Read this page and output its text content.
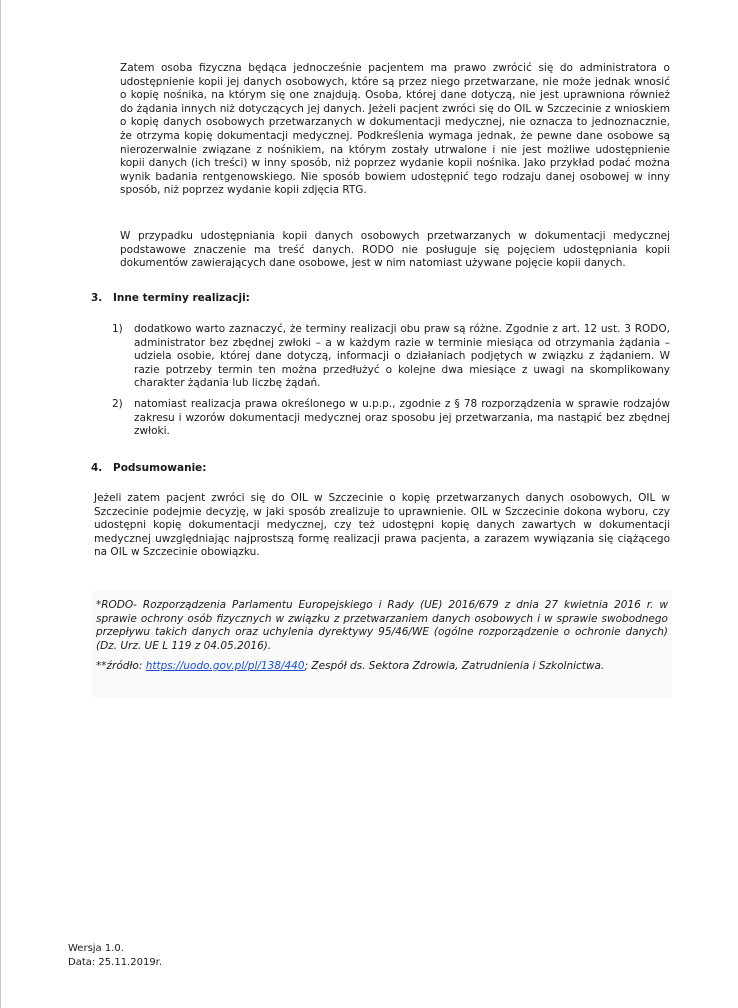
Zatem osoba fizyczna będąca jednocześnie pacjentem ma prawo zwrócić się do administratora o udostępnienie kopii jej danych osobowych, które są przez niego przetwarzane, nie może jednak wnosić o kopię nośnika, na którym się one znajdują. Osoba, której dane dotyczą, nie jest uprawniona również do żądania innych niż dotyczących jej danych. Jeżeli pacjent zwróci się do OIL w Szczecinie z wnioskiem o kopię danych osobowych przetwarzanych w dokumentacji medycznej, nie oznacza to jednoznacznie, że otrzyma kopię dokumentacji medycznej. Podkreślenia wymaga jednak, że pewne dane osobowe są nierozerwalnie związane z nośnikiem, na którym zostały utrwalone i nie jest możliwe udostępnienie kopii danych (ich treści) w inny sposób, niż poprzez wydanie kopii nośnika. Jako przykład podać można wynik badania rentgenowskiego. Nie sposób bowiem udostępnić tego rodzaju danej osobowej w inny sposób, niż poprzez wydanie kopii zdjęcia RTG.

W przypadku udostępniania kopii danych osobowych przetwarzanych w dokumentacji medycznej podstawowe znaczenie ma treść danych. RODO nie posługuje się pojęciem udostępniania kopii dokumentów zawierających dane osobowe, jest w nim natomiast używane pojęcie kopii danych.

3. Inne terminy realizacji:
1) dodatkowo warto zaznaczyć, że terminy realizacji obu praw są różne. Zgodnie z art. 12 ust. 3 RODO, administrator bez zbędnej zwłoki – a w każdym razie w terminie miesiąca od otrzymania żądania – udziela osobie, której dane dotyczą, informacji o działaniach podjętych w związku z żądaniem. W razie potrzeby termin ten można przedłużyć o kolejne dwa miesiące z uwagi na skomplikowany charakter żądania lub liczbę żądań.

2) natomiast realizacja prawa określonego w u.p.p., zgodnie z § 78 rozporządzenia w sprawie rodzajów zakresu i wzorów dokumentacji medycznej oraz sposobu jej przetwarzania, ma nastąpić bez zbędnej zwłoki.

4. Podsumowanie:

Jeżeli zatem pacjent zwróci się do OIL w Szczecinie o kopię przetwarzanych danych osobowych, OIL w Szczecinie podejmie decyzję, w jaki sposób zrealizuje to uprawnienie. OIL w Szczecinie dokona wyboru, czy udostępni kopię dokumentacji medycznej, czy też udostępni kopię danych zawartych w dokumentacji medycznej uwzględniając najprostszą formę realizacji prawa pacjenta, a zarazem wywiązania się ciążącego na OIL w Szczecinie obowiązku.

*RODO- Rozporządzenia Parlamentu Europejskiego i Rady (UE) 2016/679 z dnia 27 kwietnia 2016 r. w sprawie ochrony osób fizycznych w związku z przetwarzaniem danych osobowych i w sprawie swobodnego przepływu takich danych oraz uchylenia dyrektywy 95/46/WE (ogólne rozporządzenie o ochronie danych) (Dz. Urz. UE L 119 z 04.05.2016).

**źródło: https://uodo.gov.pl/pl/138/440; Zespół ds. Sektora Zdrowia, Zatrudnienia i Szkolnictwa.

Wersja 1.0.

Data: 25.11.2019r.
